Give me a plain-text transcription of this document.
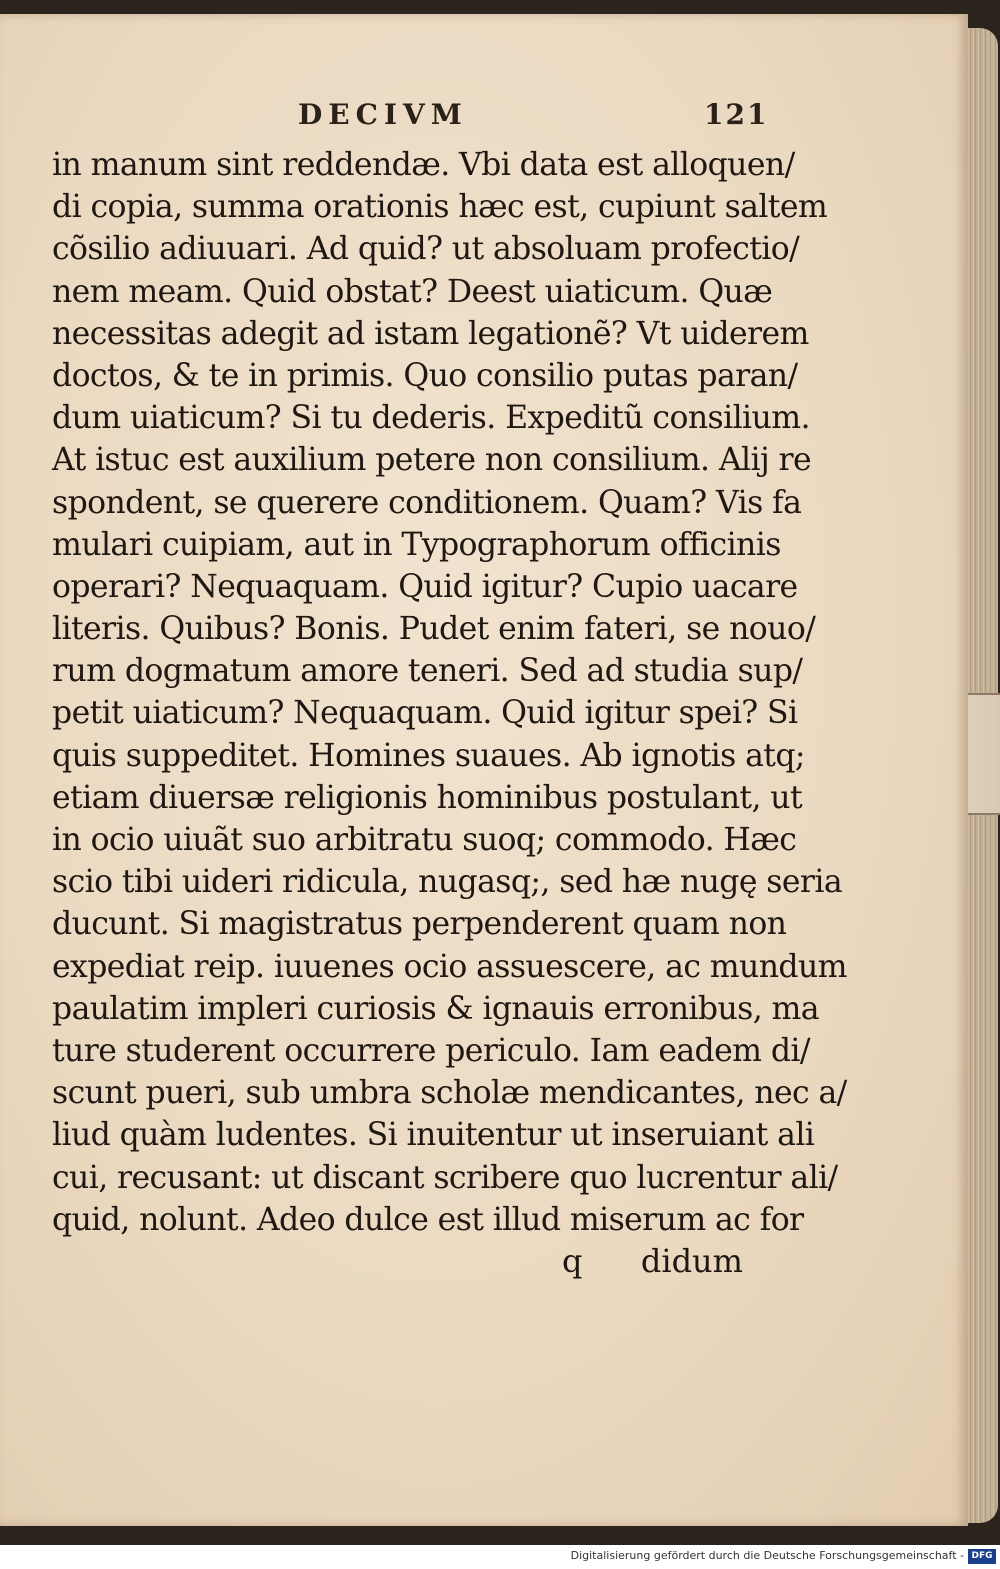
DECIVM	121
in manum sint reddendæ. Vbi data est alloquen/
di copia, summa orationis hæc est, cupiunt saltem
cõsilio adiuuari. Ad quid? ut absoluam profectio/
nem meam. Quid obstat? Deest uiaticum. Quæ
necessitas adegit ad istam legationẽ? Vt uiderem
doctos, & te in primis. Quo consilio putas paran/
dum uiaticum? Si tu dederis. Expeditũ consilium.
At istuc est auxilium petere non consilium. Alij re
spondent, se querere conditionem. Quam? Vis fa
mulari cuipiam, aut in Typographorum officinis
operari? Nequaquam. Quid igitur? Cupio uacare
literis. Quibus? Bonis. Pudet enim fateri, se nouo/
rum dogmatum amore teneri. Sed ad studia sup/
petit uiaticum? Nequaquam. Quid igitur spei? Si
quis suppeditet. Homines suaues. Ab ignotis atq;
etiam diuersæ religionis hominibus postulant, ut
in ocio uiuãt suo arbitratu suoq; commodo. Hæc
scio tibi uideri ridicula, nugasq;, sed hæ nugę seria
ducunt. Si magistratus perpenderent quam non
expediat reip. iuuenes ocio assuescere, ac mundum
paulatim impleri curiosis & ignauis erronibus, ma
ture studerent occurrere periculo. Iam eadem di/
scunt pueri, sub umbra scholæ mendicantes, nec a/
liud quàm ludentes. Si inuitentur ut inseruiant ali
cui, recusant: ut discant scribere quo lucrentur ali/
quid, nolunt. Adeo dulce est illud miserum ac for
q didum
Digitalisierung gefördert durch die Deutsche Forschungsgemeinschaft - DFG
